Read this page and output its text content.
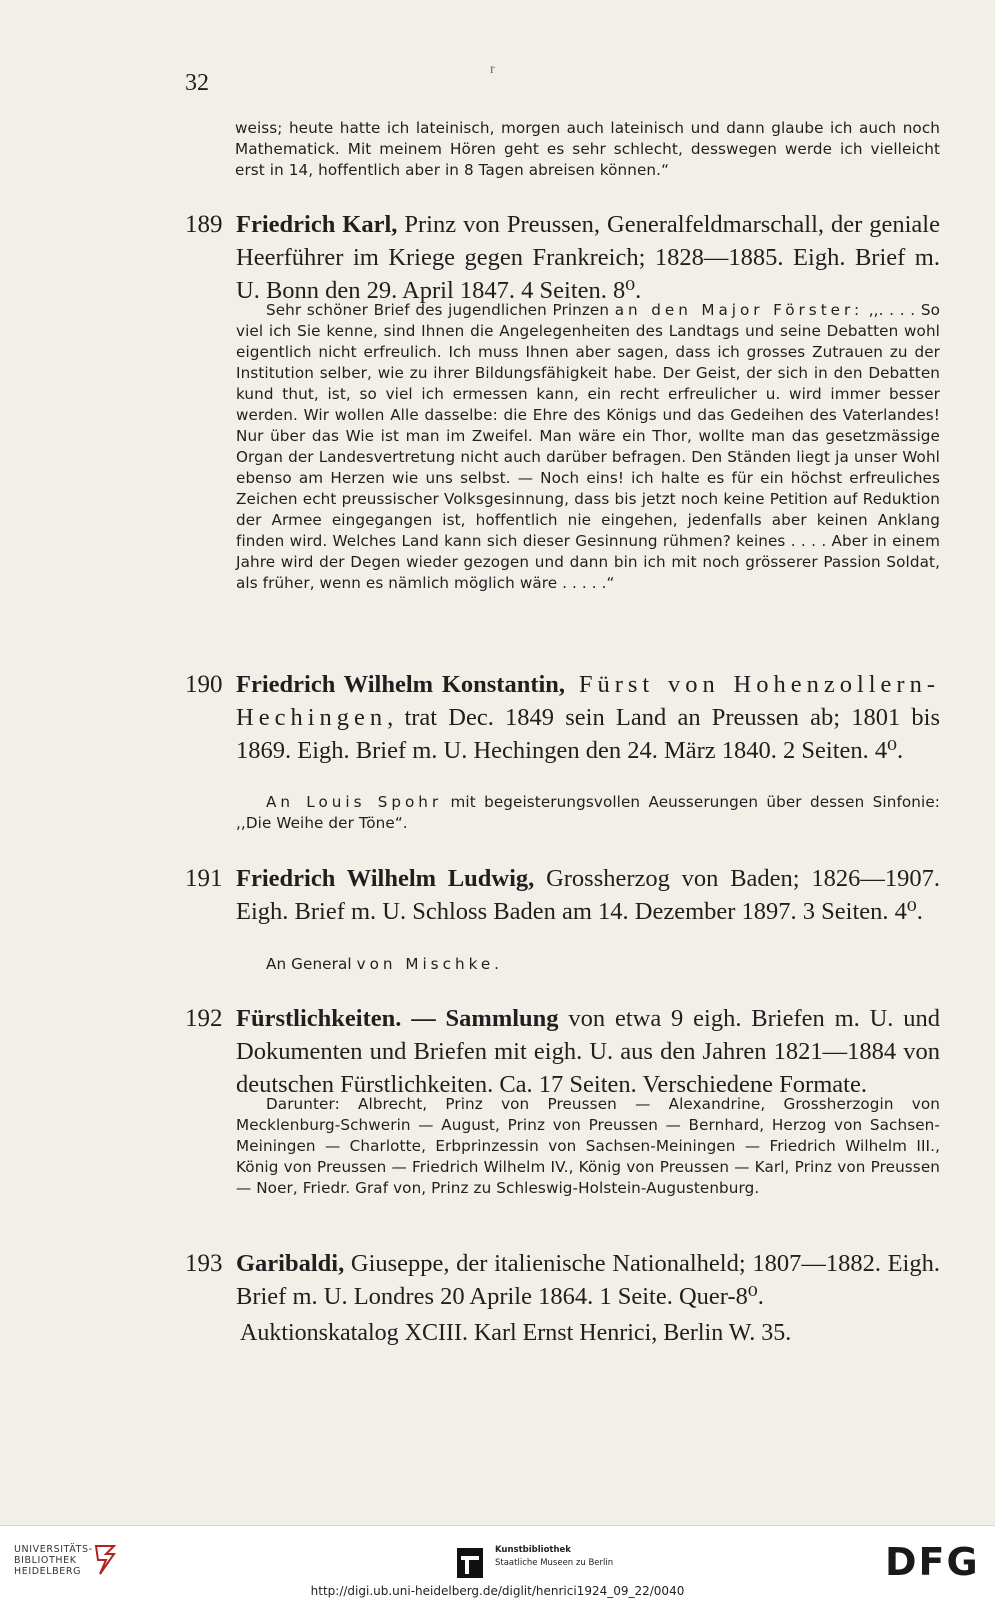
32
r

weiss; heute hatte ich lateinisch, morgen auch lateinisch und dann glaube ich auch noch Mathematick. Mit meinem Hören geht es sehr schlecht, desswegen werde ich vielleicht erst in 14, hoffentlich aber in 8 Tagen abreisen können.“

189 Friedrich Karl, Prinz von Preussen, Generalfeldmarschall, der geniale Heerführer im Kriege gegen Frankreich; 1828—1885. Eigh. Brief m. U. Bonn den 29. April 1847. 4 Seiten. 8⁰.

Sehr schöner Brief des jugendlichen Prinzen an den Major Förster: ,,. . . . So viel ich Sie kenne, sind Ihnen die Angelegenheiten des Landtags und seine Debatten wohl eigentlich nicht erfreulich. Ich muss Ihnen aber sagen, dass ich grosses Zutrauen zu der Institution selber, wie zu ihrer Bildungsfähigkeit habe. Der Geist, der sich in den Debatten kund thut, ist, so viel ich ermessen kann, ein recht erfreulicher u. wird immer besser werden. Wir wollen Alle dasselbe: die Ehre des Königs und das Gedeihen des Vaterlandes! Nur über das Wie ist man im Zweifel. Man wäre ein Thor, wollte man das gesetzmässige Organ der Landesvertretung nicht auch darüber befragen. Den Ständen liegt ja unser Wohl ebenso am Herzen wie uns selbst. — Noch eins! ich halte es für ein höchst erfreuliches Zeichen echt preussischer Volksgesinnung, dass bis jetzt noch keine Petition auf Reduktion der Armee eingegangen ist, hoffentlich nie eingehen, jedenfalls aber keinen Anklang finden wird. Welches Land kann sich dieser Gesinnung rühmen? keines . . . . Aber in einem Jahre wird der Degen wieder gezogen und dann bin ich mit noch grösserer Passion Soldat, als früher, wenn es nämlich möglich wäre . . . . .“

190 Friedrich Wilhelm Konstantin, Fürst von Hohenzollern-Hechingen, trat Dec. 1849 sein Land an Preussen ab; 1801 bis 1869. Eigh. Brief m. U. Hechingen den 24. März 1840. 2 Seiten. 4⁰.

An Louis Spohr mit begeisterungsvollen Aeusserungen über dessen Sinfonie: ,,Die Weihe der Töne“.

191 Friedrich Wilhelm Ludwig, Grossherzog von Baden; 1826—1907. Eigh. Brief m. U. Schloss Baden am 14. Dezember 1897. 3 Seiten. 4⁰.

An General von Mischke.

192 Fürstlichkeiten. — Sammlung von etwa 9 eigh. Briefen m. U. und Dokumenten und Briefen mit eigh. U. aus den Jahren 1821—1884 von deutschen Fürstlichkeiten. Ca. 17 Seiten. Verschiedene Formate.

Darunter: Albrecht, Prinz von Preussen — Alexandrine, Grossherzogin von Mecklenburg-Schwerin — August, Prinz von Preussen — Bernhard, Herzog von Sachsen-Meiningen — Charlotte, Erbprinzessin von Sachsen-Meiningen — Friedrich Wilhelm III., König von Preussen — Friedrich Wilhelm IV., König von Preussen — Karl, Prinz von Preussen — Noer, Friedr. Graf von, Prinz zu Schleswig-Holstein-Augustenburg.

193 Garibaldi, Giuseppe, der italienische Nationalheld; 1807—1882. Eigh. Brief m. U. Londres 20 Aprile 1864. 1 Seite. Quer-8⁰.
Auktionskatalog XCIII. Karl Ernst Henrici, Berlin W. 35.
UNIVERSITÄTS-
BIBLIOTHEK
HEIDELBERG
Kunstbibliothek
Staatliche Museen zu Berlin	DFG
http://digi.ub.uni-heidelberg.de/diglit/henrici1924_09_22/0040
